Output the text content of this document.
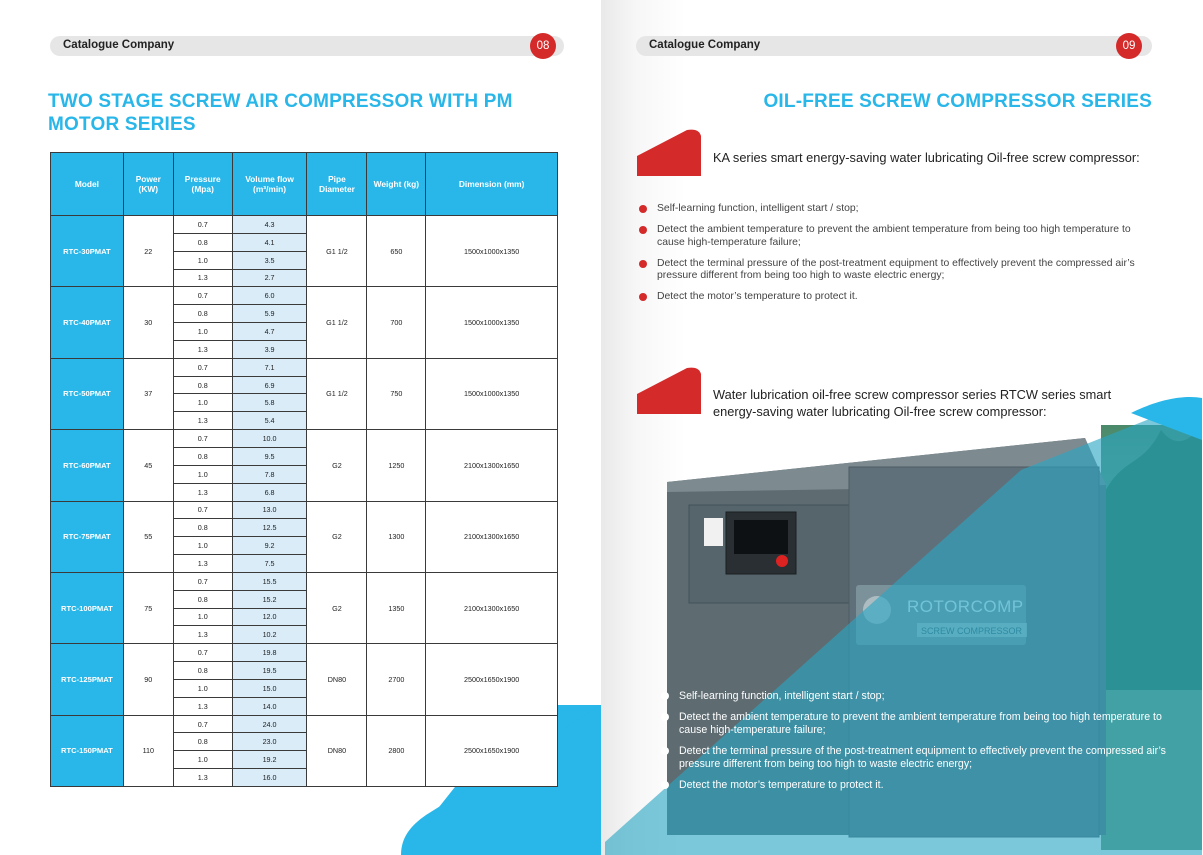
Catalogue Company	08
TWO STAGE SCREW AIR COMPRESSOR WITH PM MOTOR SERIES
Model	Power (KW)	Pressure (Mpa)	Volume flow (m³/min)	Pipe Diameter	Weight (kg)	Dimension (mm)
RTC-30PMAT	22	0.7	4.3	G1 1/2	650	1500x1000x1350
		0.8	4.1			
		1.0	3.5			
		1.3	2.7			
RTC-40PMAT	30	0.7	6.0	G1 1/2	700	1500x1000x1350
		0.8	5.9			
		1.0	4.7			
		1.3	3.9			
RTC-50PMAT	37	0.7	7.1	G1 1/2	750	1500x1000x1350
		0.8	6.9			
		1.0	5.8			
		1.3	5.4			
RTC-60PMAT	45	0.7	10.0	G2	1250	2100x1300x1650
		0.8	9.5			
		1.0	7.8			
		1.3	6.8			
RTC-75PMAT	55	0.7	13.0	G2	1300	2100x1300x1650
		0.8	12.5			
		1.0	9.2			
		1.3	7.5			
RTC-100PMAT	75	0.7	15.5	G2	1350	2100x1300x1650
		0.8	15.2			
		1.0	12.0			
		1.3	10.2			
RTC-125PMAT	90	0.7	19.8	DN80	2700	2500x1650x1900
		0.8	19.5			
		1.0	15.0			
		1.3	14.0			
RTC-150PMAT	110	0.7	24.0	DN80	2800	2500x1650x1900
		0.8	23.0			
		1.0	19.2			
		1.3	16.0			
Catalogue Company	09
OIL-FREE SCREW COMPRESSOR SERIES

KA series smart energy-saving water lubricating Oil-free screw compressor:

Self-learning function, intelligent start / stop;
Detect the ambient temperature to prevent the ambient temperature from being too high temperature to cause high-temperature failure;
Detect the terminal pressure of the post-treatment equipment to effectively prevent the compressed air’s pressure different from being too high to waste electric energy;
Detect the motor’s temperature to protect it.

Water lubrication oil-free screw compressor series RTCW series smart energy-saving water lubricating Oil-free screw compressor:

Self-learning function, intelligent start / stop;
Detect the ambient temperature to prevent the ambient temperature from being too high temperature to cause high-temperature failure;
Detect the terminal pressure of the post-treatment equipment to effectively prevent the compressed air’s pressure different from being too high to waste electric energy;
Detect the motor’s temperature to protect it.
